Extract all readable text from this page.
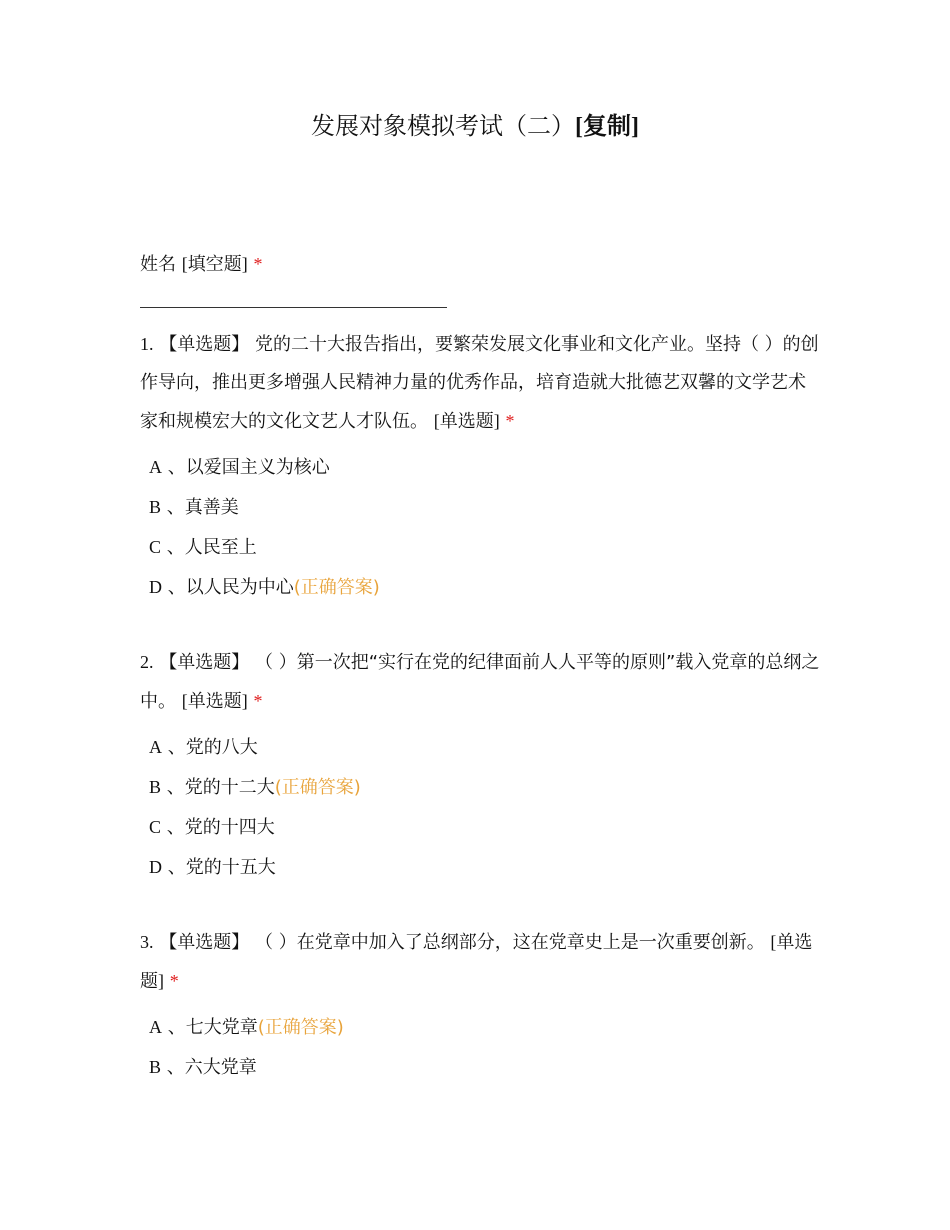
发展对象模拟考试（二）[复制]
姓名 [填空题] *
1. 【单选题】 党的二十大报告指出，要繁荣发展文化事业和文化产业。坚持（ ）的创作导向，推出更多增强人民精神力量的优秀作品，培育造就大批德艺双馨的文学艺术家和规模宏大的文化文艺人才队伍。 [单选题] *
A 、以爱国主义为核心
B 、真善美
C 、人民至上
D 、以人民为中心(正确答案)
2. 【单选题】 （ ）第一次把“实行在党的纪律面前人人平等的原则”载入党章的总纲之中。 [单选题] *
A 、党的八大
B 、党的十二大(正确答案)
C 、党的十四大
D 、党的十五大
3. 【单选题】 （ ）在党章中加入了总纲部分，这在党章史上是一次重要创新。 [单选题] *
A 、七大党章(正确答案)
B 、六大党章
